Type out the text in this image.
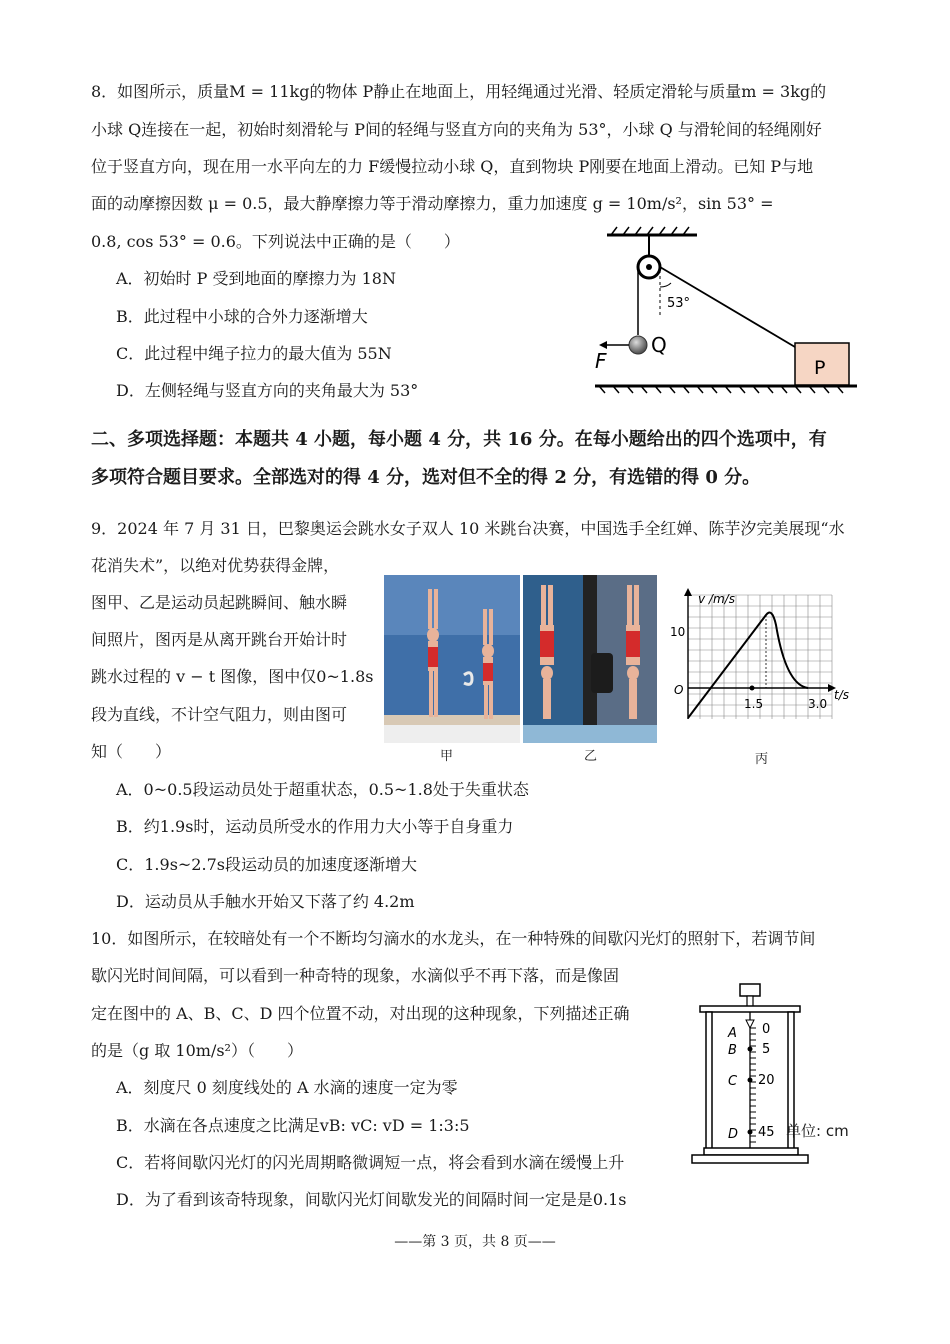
8．如图所示，质量M = 11kg的物体 P静止在地面上，用轻绳通过光滑、轻质定滑轮与质量m = 3kg的
小球 Q连接在一起，初始时刻滑轮与 P间的轻绳与竖直方向的夹角为 53°，小球 Q 与滑轮间的轻绳刚好
位于竖直方向，现在用一水平向左的力 F缓慢拉动小球 Q，直到物块 P刚要在地面上滑动。已知 P与地
面的动摩擦因数 μ = 0.5，最大静摩擦力等于滑动摩擦力，重力加速度 g = 10m/s²，sin 53° =
0.8, cos 53° = 0.6。下列说法中正确的是（　　）
A．初始时 P 受到地面的摩擦力为 18N
B．此过程中小球的合外力逐渐增大
C．此过程中绳子拉力的最大值为 55N
D．左侧轻绳与竖直方向的夹角最大为 53°
53°
Q
F	P
二、多项选择题：本题共 4 小题，每小题 4 分，共 16 分。在每小题给出的四个选项中，有
多项符合题目要求。全部选对的得 4 分，选对但不全的得 2 分，有选错的得 0 分。
9．2024 年 7 月 31 日，巴黎奥运会跳水女子双人 10 米跳台决赛，中国选手全红婵、陈芋汐完美展现“水
花消失术”，以绝对优势获得金牌，
图甲、乙是运动员起跳瞬间、触水瞬
间照片，图丙是从离开跳台开始计时
跳水过程的 v − t 图像，图中仅0~1.8s
段为直线，不计空气阻力，则由图可
知（　　）
v /m/s
t/s
O
10
1.5	3.0
甲	乙	丙
A．0~0.5段运动员处于超重状态，0.5~1.8处于失重状态
B．约1.9s时，运动员所受水的作用力大小等于自身重力
C．1.9s~2.7s段运动员的加速度逐渐增大
D．运动员从手触水开始又下落了约 4.2m
10．如图所示，在较暗处有一个不断均匀滴水的水龙头，在一种特殊的间歇闪光灯的照射下，若调节间
歇闪光时间间隔，可以看到一种奇特的现象，水滴似乎不再下落，而是像固
定在图中的 A、B、C、D 四个位置不动，对出现的这种现象，下列描述正确
的是（g 取 10m/s²）（　　）
A．刻度尺 0 刻度线处的 A 水滴的速度一定为零
B．水滴在各点速度之比满足vB: vC: vD = 1:3:5
C．若将间歇闪光灯的闪光周期略微调短一点，将会看到水滴在缓慢上升
D．为了看到该奇特现象，间歇闪光灯间歇发光的间隔时间一定是是0.1s
A
B
C
D
0
5
20
45 单位: cm
——第 3 页，共 8 页——
